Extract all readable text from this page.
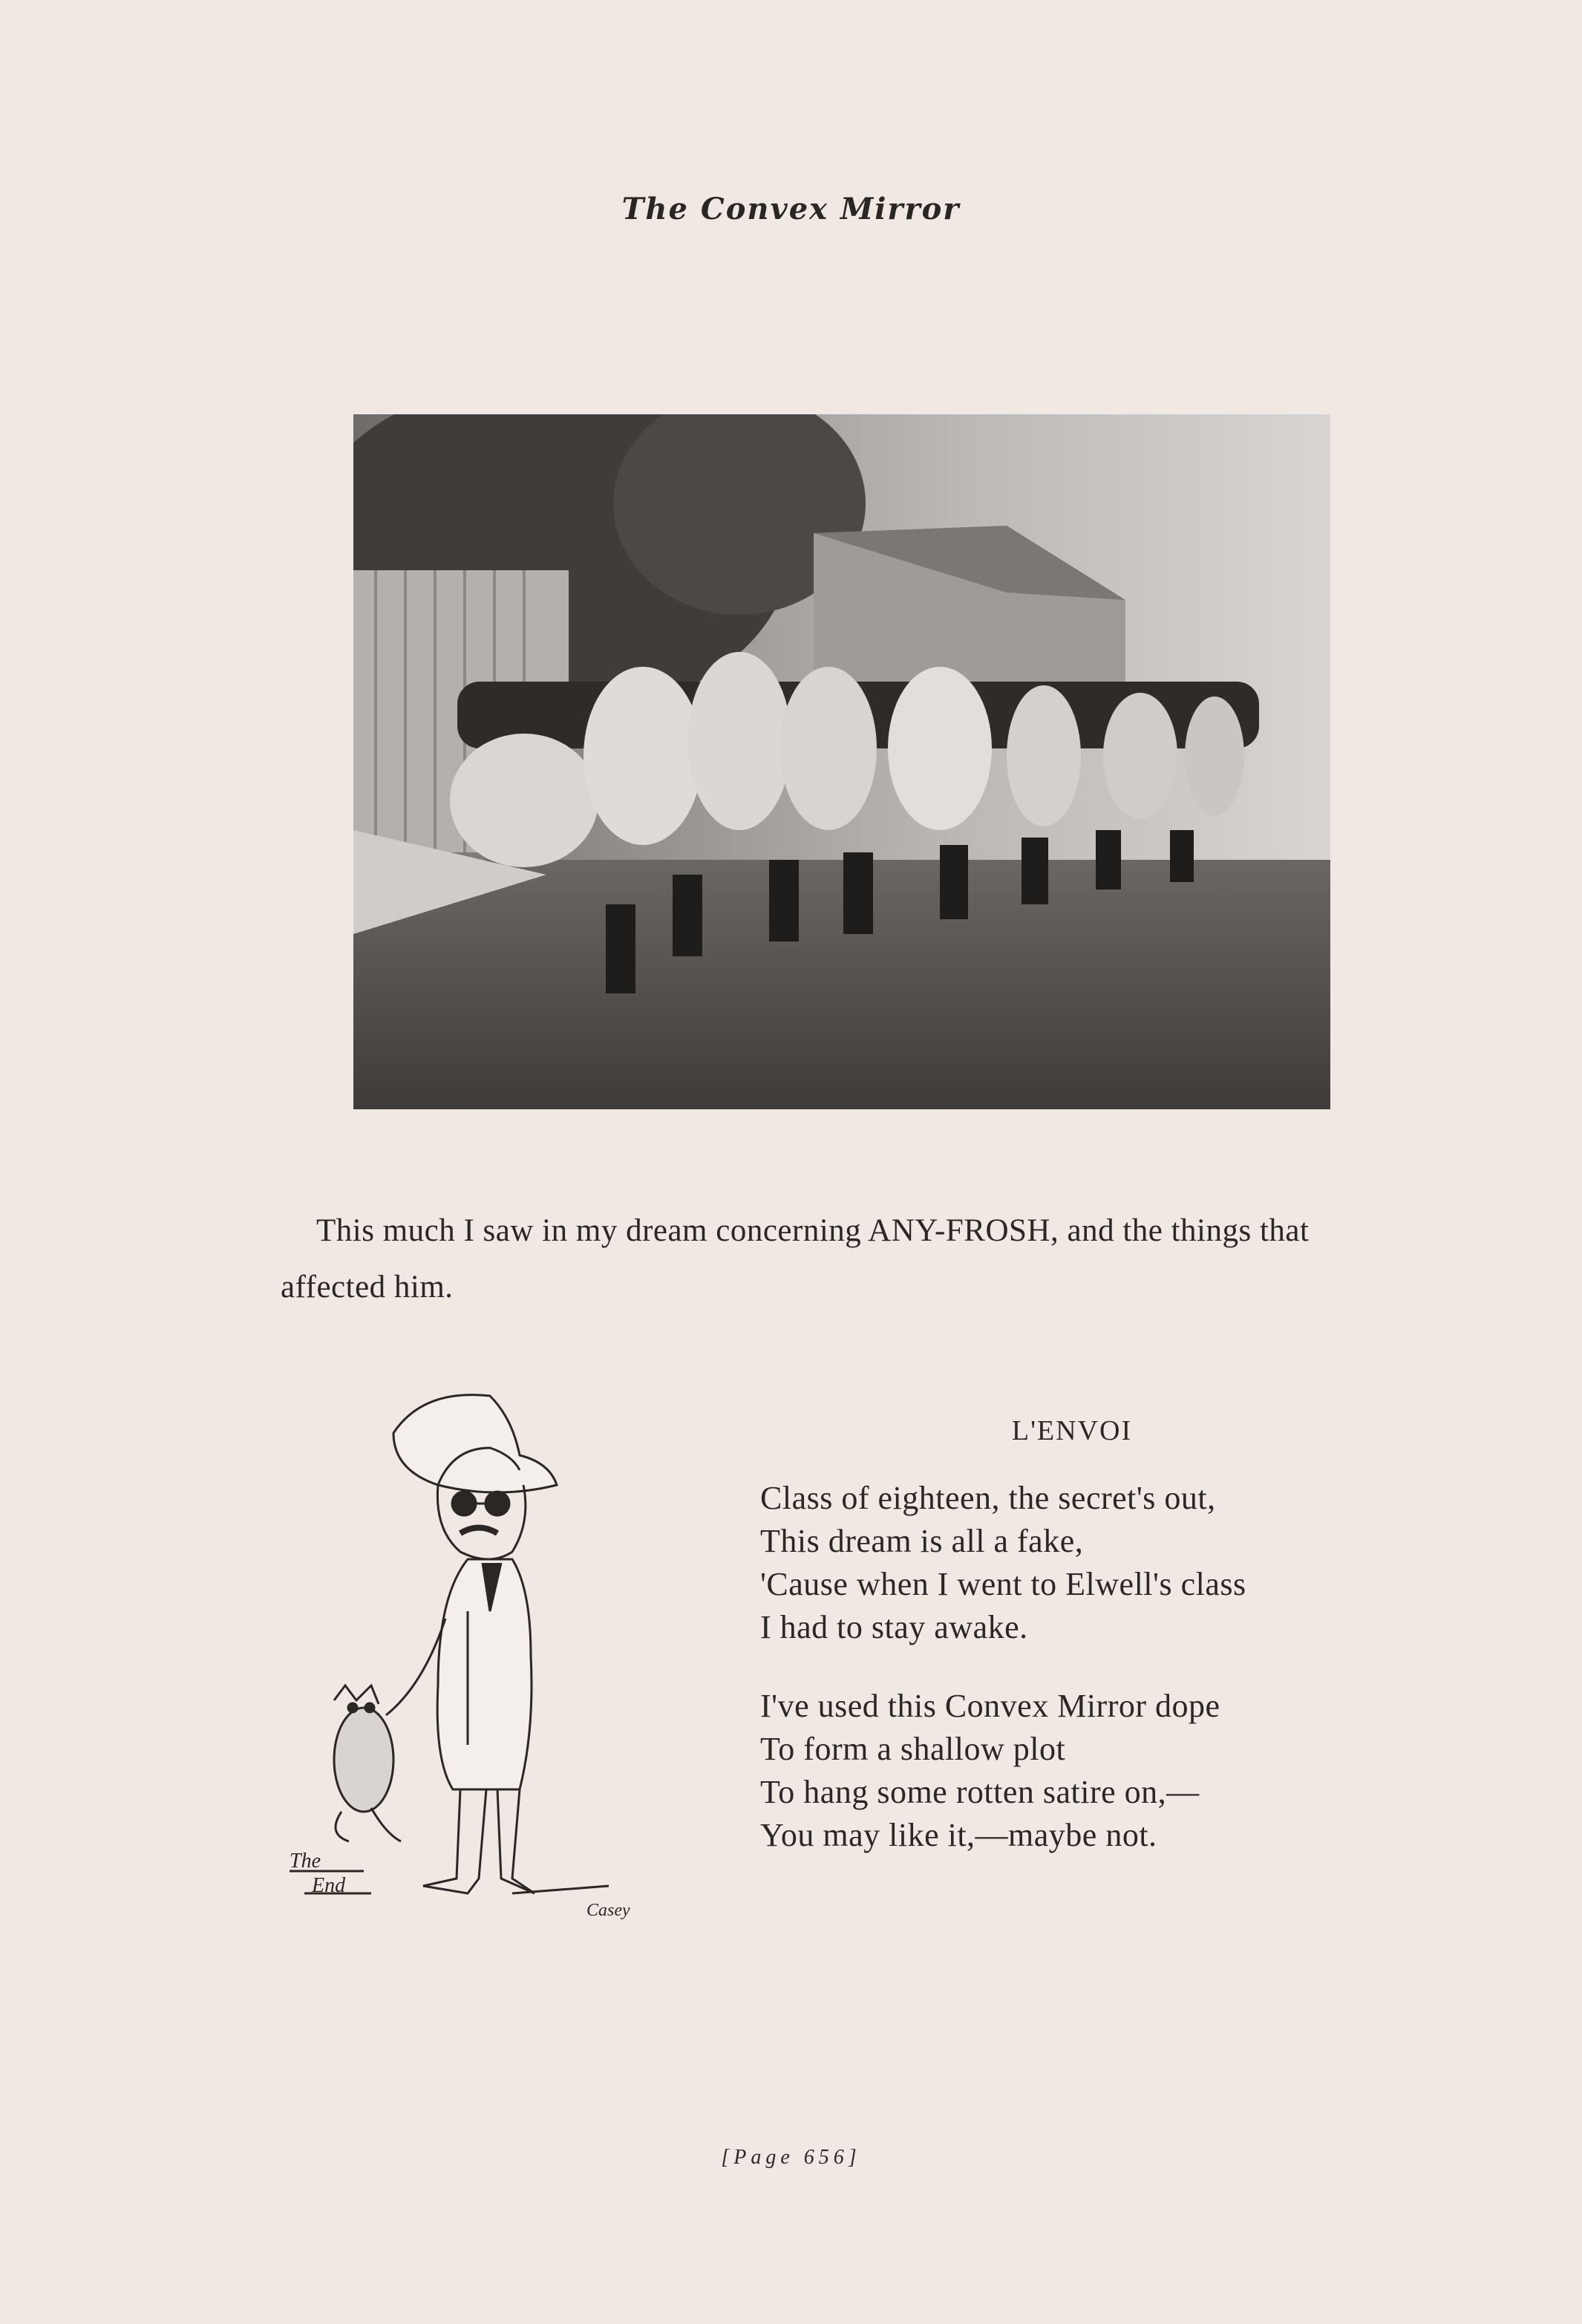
The Convex Mirror

This much I saw in my dream concerning ANY-FROSH, and the things that affected him.

The
End
Casey
L'ENVOI
Class of eighteen, the secret's out,
This dream is all a fake,
'Cause when I went to Elwell's class
I had to stay awake.
I've used this Convex Mirror dope
To form a shallow plot
To hang some rotten satire on,—
You may like it,—maybe not.
[Page 656]
